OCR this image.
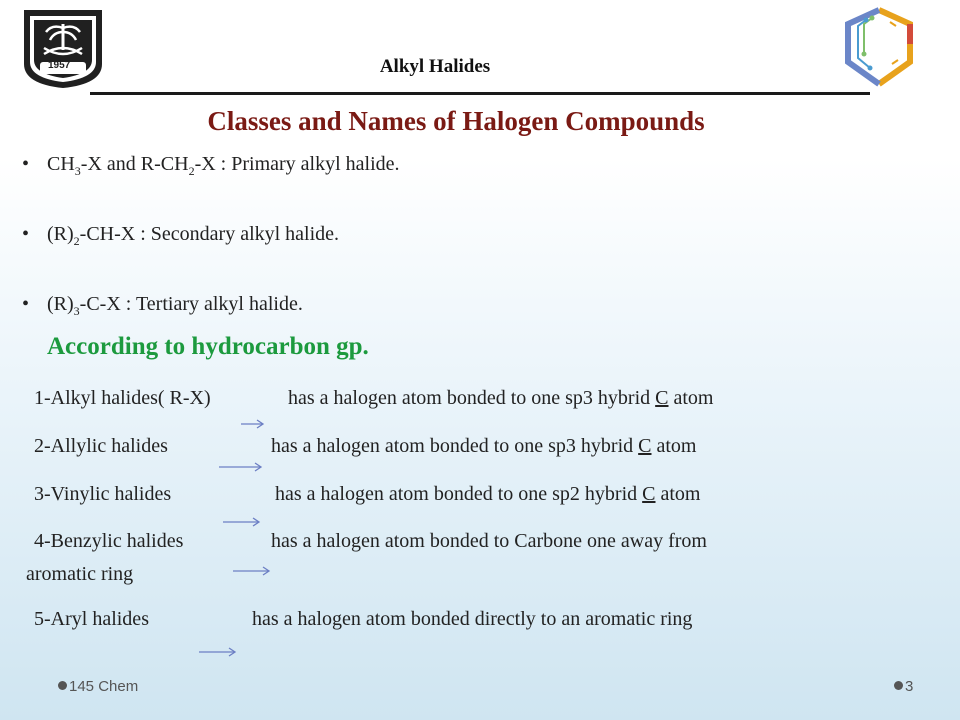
1957	Alkyl Halides
Classes and Names of Halogen Compounds
• $CH_3-X$ and $R-CH_2-X$ : Primary alkyl halide.
• $(R)_2-CH-X$ : Secondary alkyl halide.
• $(R)_3-C-X$ : Tertiary alkyl halide.
According to hydrocarbon gp.
1-Alkyl halides( R-X)	has a halogen atom bonded to one sp3 hybrid C atom
2-Allylic halides	has a halogen atom bonded to one sp3 hybrid C atom
3-Vinylic halides	has a halogen atom bonded to one sp2 hybrid C atom
4-Benzylic halides	has a halogen atom bonded to Carbone one away from
aromatic ring
5-Aryl halides	has a halogen atom bonded directly to an aromatic ring
145 Chem	3
